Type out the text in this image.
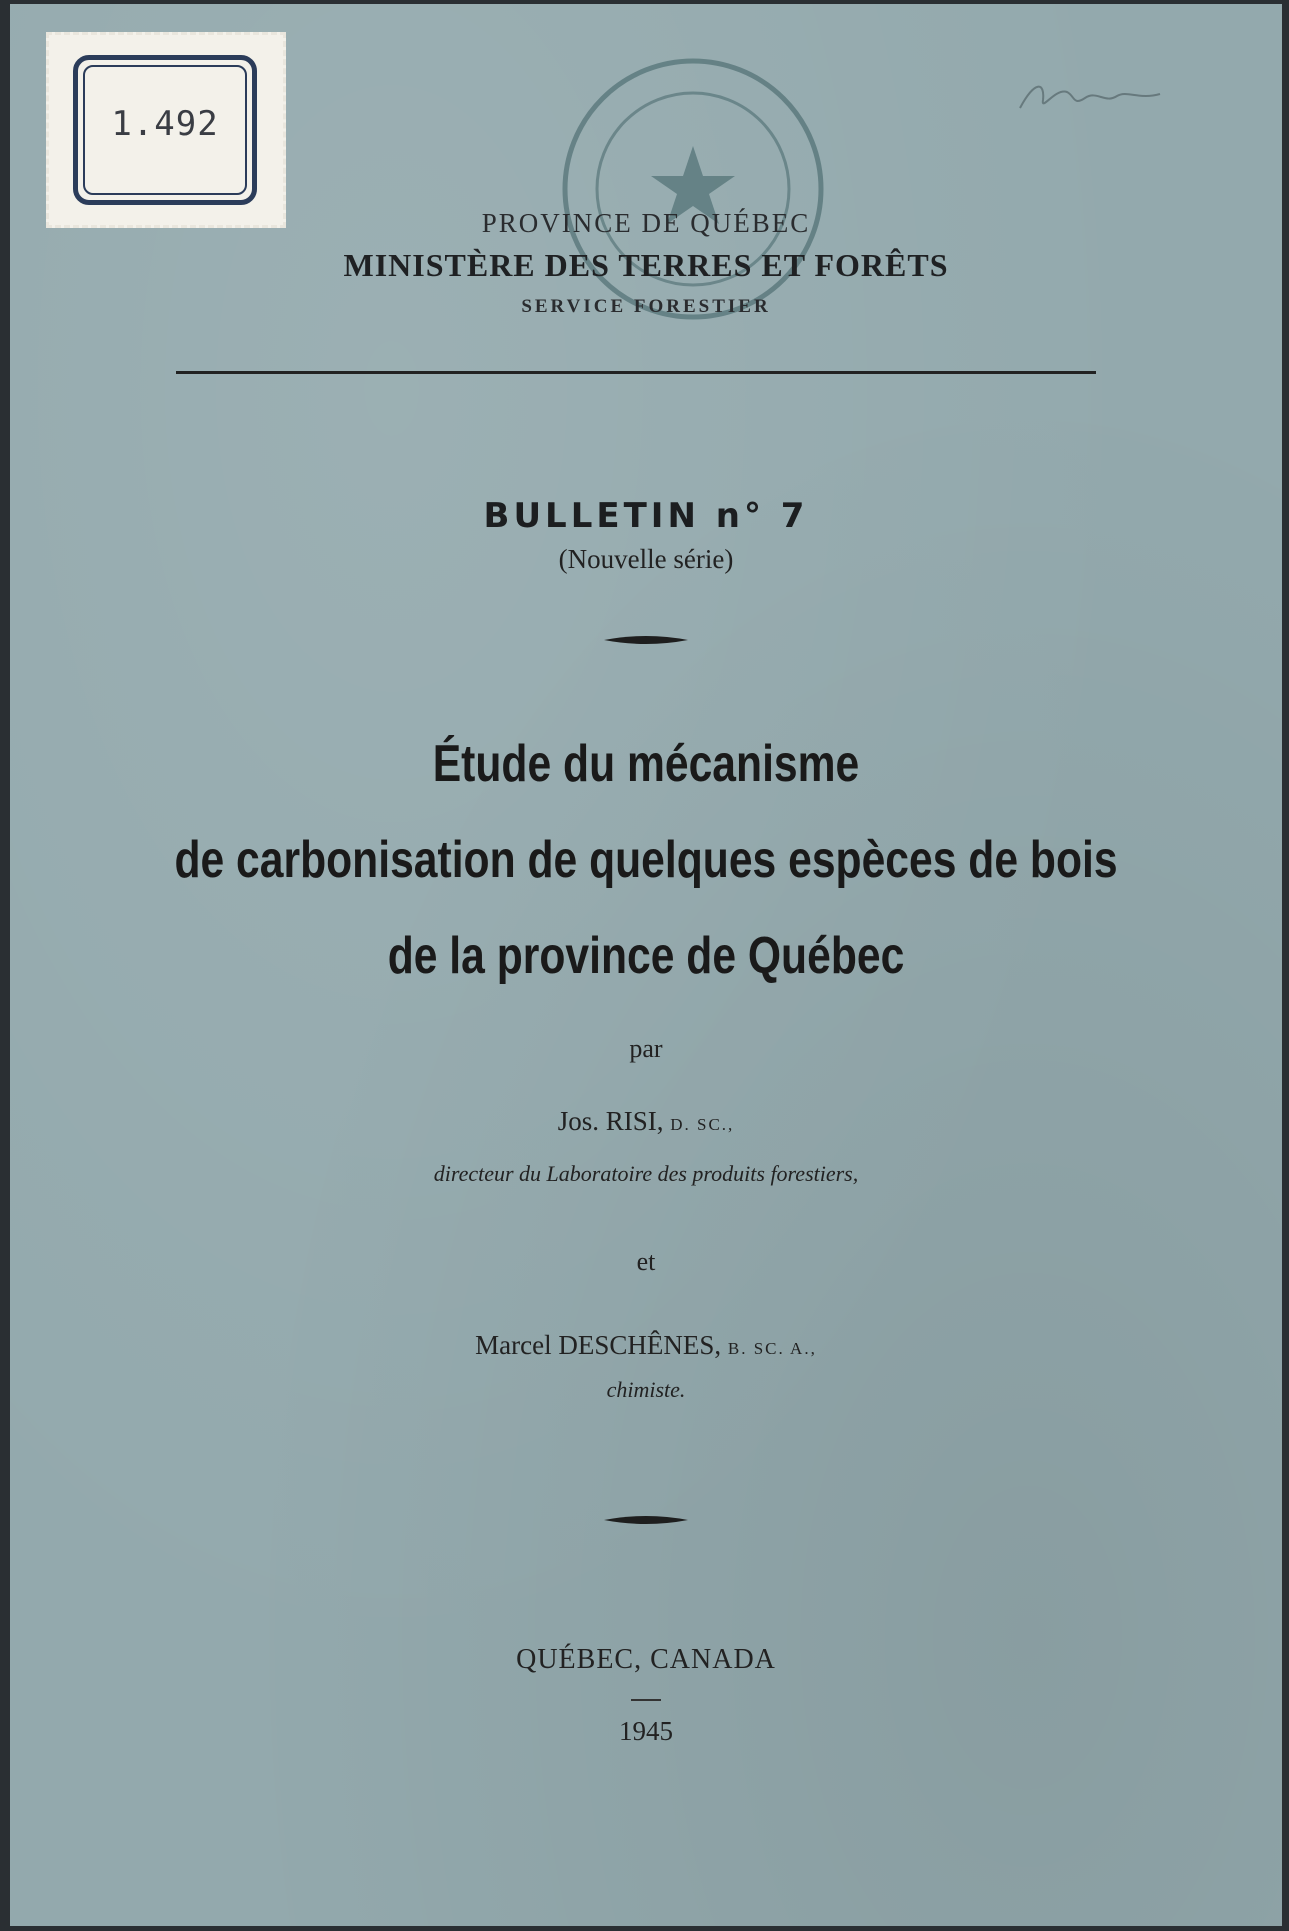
1.492
PROVINCE DE QUÉBEC
MINISTÈRE DES TERRES ET FORÊTS
SERVICE FORESTIER
BULLETIN n° 7
(Nouvelle série)
Étude du mécanisme
de carbonisation de quelques espèces de bois
de la province de Québec
par
Jos. RISI, D. SC.,
directeur du Laboratoire des produits forestiers,
et
Marcel DESCHÊNES, B. SC. A.,
chimiste.
QUÉBEC, CANADA
1945
